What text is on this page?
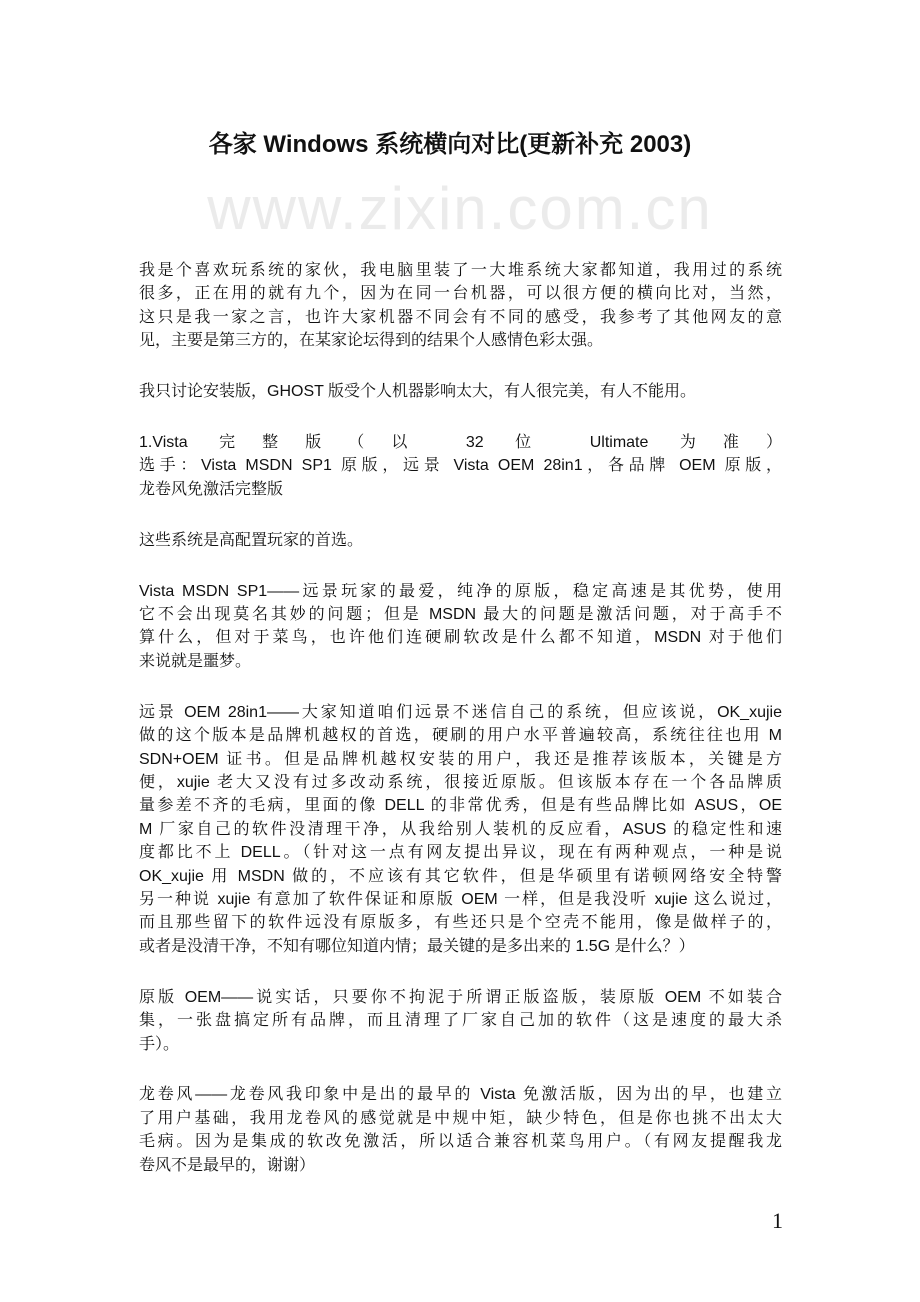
www.zixin.com.cn
各家 Windows 系统横向对比(更新补充 2003)
我是个喜欢玩系统的家伙，我电脑里装了一大堆系统大家都知道，我用过的系统
很多，正在用的就有九个，因为在同一台机器，可以很方便的横向比对，当然，
这只是我一家之言，也许大家机器不同会有不同的感受，我参考了其他网友的意
见，主要是第三方的，在某家论坛得到的结果个人感情色彩太强。
我只讨论安装版，GHOST 版受个人机器影响太大，有人很完美，有人不能用。
1.Vista 完整版（以 32 位 Ultimate 为准）
选手：Vista MSDN SP1 原版，远景 Vista OEM 28in1，各品牌 OEM 原版，
龙卷风免激活完整版
这些系统是高配置玩家的首选。
Vista MSDN SP1——远景玩家的最爱，纯净的原版，稳定高速是其优势，使用
它不会出现莫名其妙的问题；但是 MSDN 最大的问题是激活问题，对于高手不
算什么，但对于菜鸟，也许他们连硬刷软改是什么都不知道，MSDN 对于他们
来说就是噩梦。
远景 OEM 28in1——大家知道咱们远景不迷信自己的系统，但应该说，OK_xujie
做的这个版本是品牌机越权的首选，硬刷的用户水平普遍较高，系统往往也用 M
SDN+OEM 证书。但是品牌机越权安装的用户，我还是推荐该版本，关键是方
便，xujie 老大又没有过多改动系统，很接近原版。但该版本存在一个各品牌质
量参差不齐的毛病，里面的像 DELL 的非常优秀，但是有些品牌比如 ASUS，OE
M 厂家自己的软件没清理干净，从我给别人装机的反应看，ASUS 的稳定性和速
度都比不上 DELL。（针对这一点有网友提出异议，现在有两种观点，一种是说
OK_xujie 用 MSDN 做的，不应该有其它软件，但是华硕里有诺顿网络安全特警
另一种说 xujie 有意加了软件保证和原版 OEM 一样，但是我没听 xujie 这么说过，
而且那些留下的软件远没有原版多，有些还只是个空壳不能用，像是做样子的，
或者是没清干净，不知有哪位知道内情；最关键的是多出来的 1.5G 是什么？）
原版 OEM——说实话，只要你不拘泥于所谓正版盗版，装原版 OEM 不如装合
集，一张盘搞定所有品牌，而且清理了厂家自己加的软件（这是速度的最大杀
手）。
龙卷风——龙卷风我印象中是出的最早的 Vista 免激活版，因为出的早，也建立
了用户基础，我用龙卷风的感觉就是中规中矩，缺少特色，但是你也挑不出太大
毛病。因为是集成的软改免激活，所以适合兼容机菜鸟用户。（有网友提醒我龙
卷风不是最早的，谢谢）
1
